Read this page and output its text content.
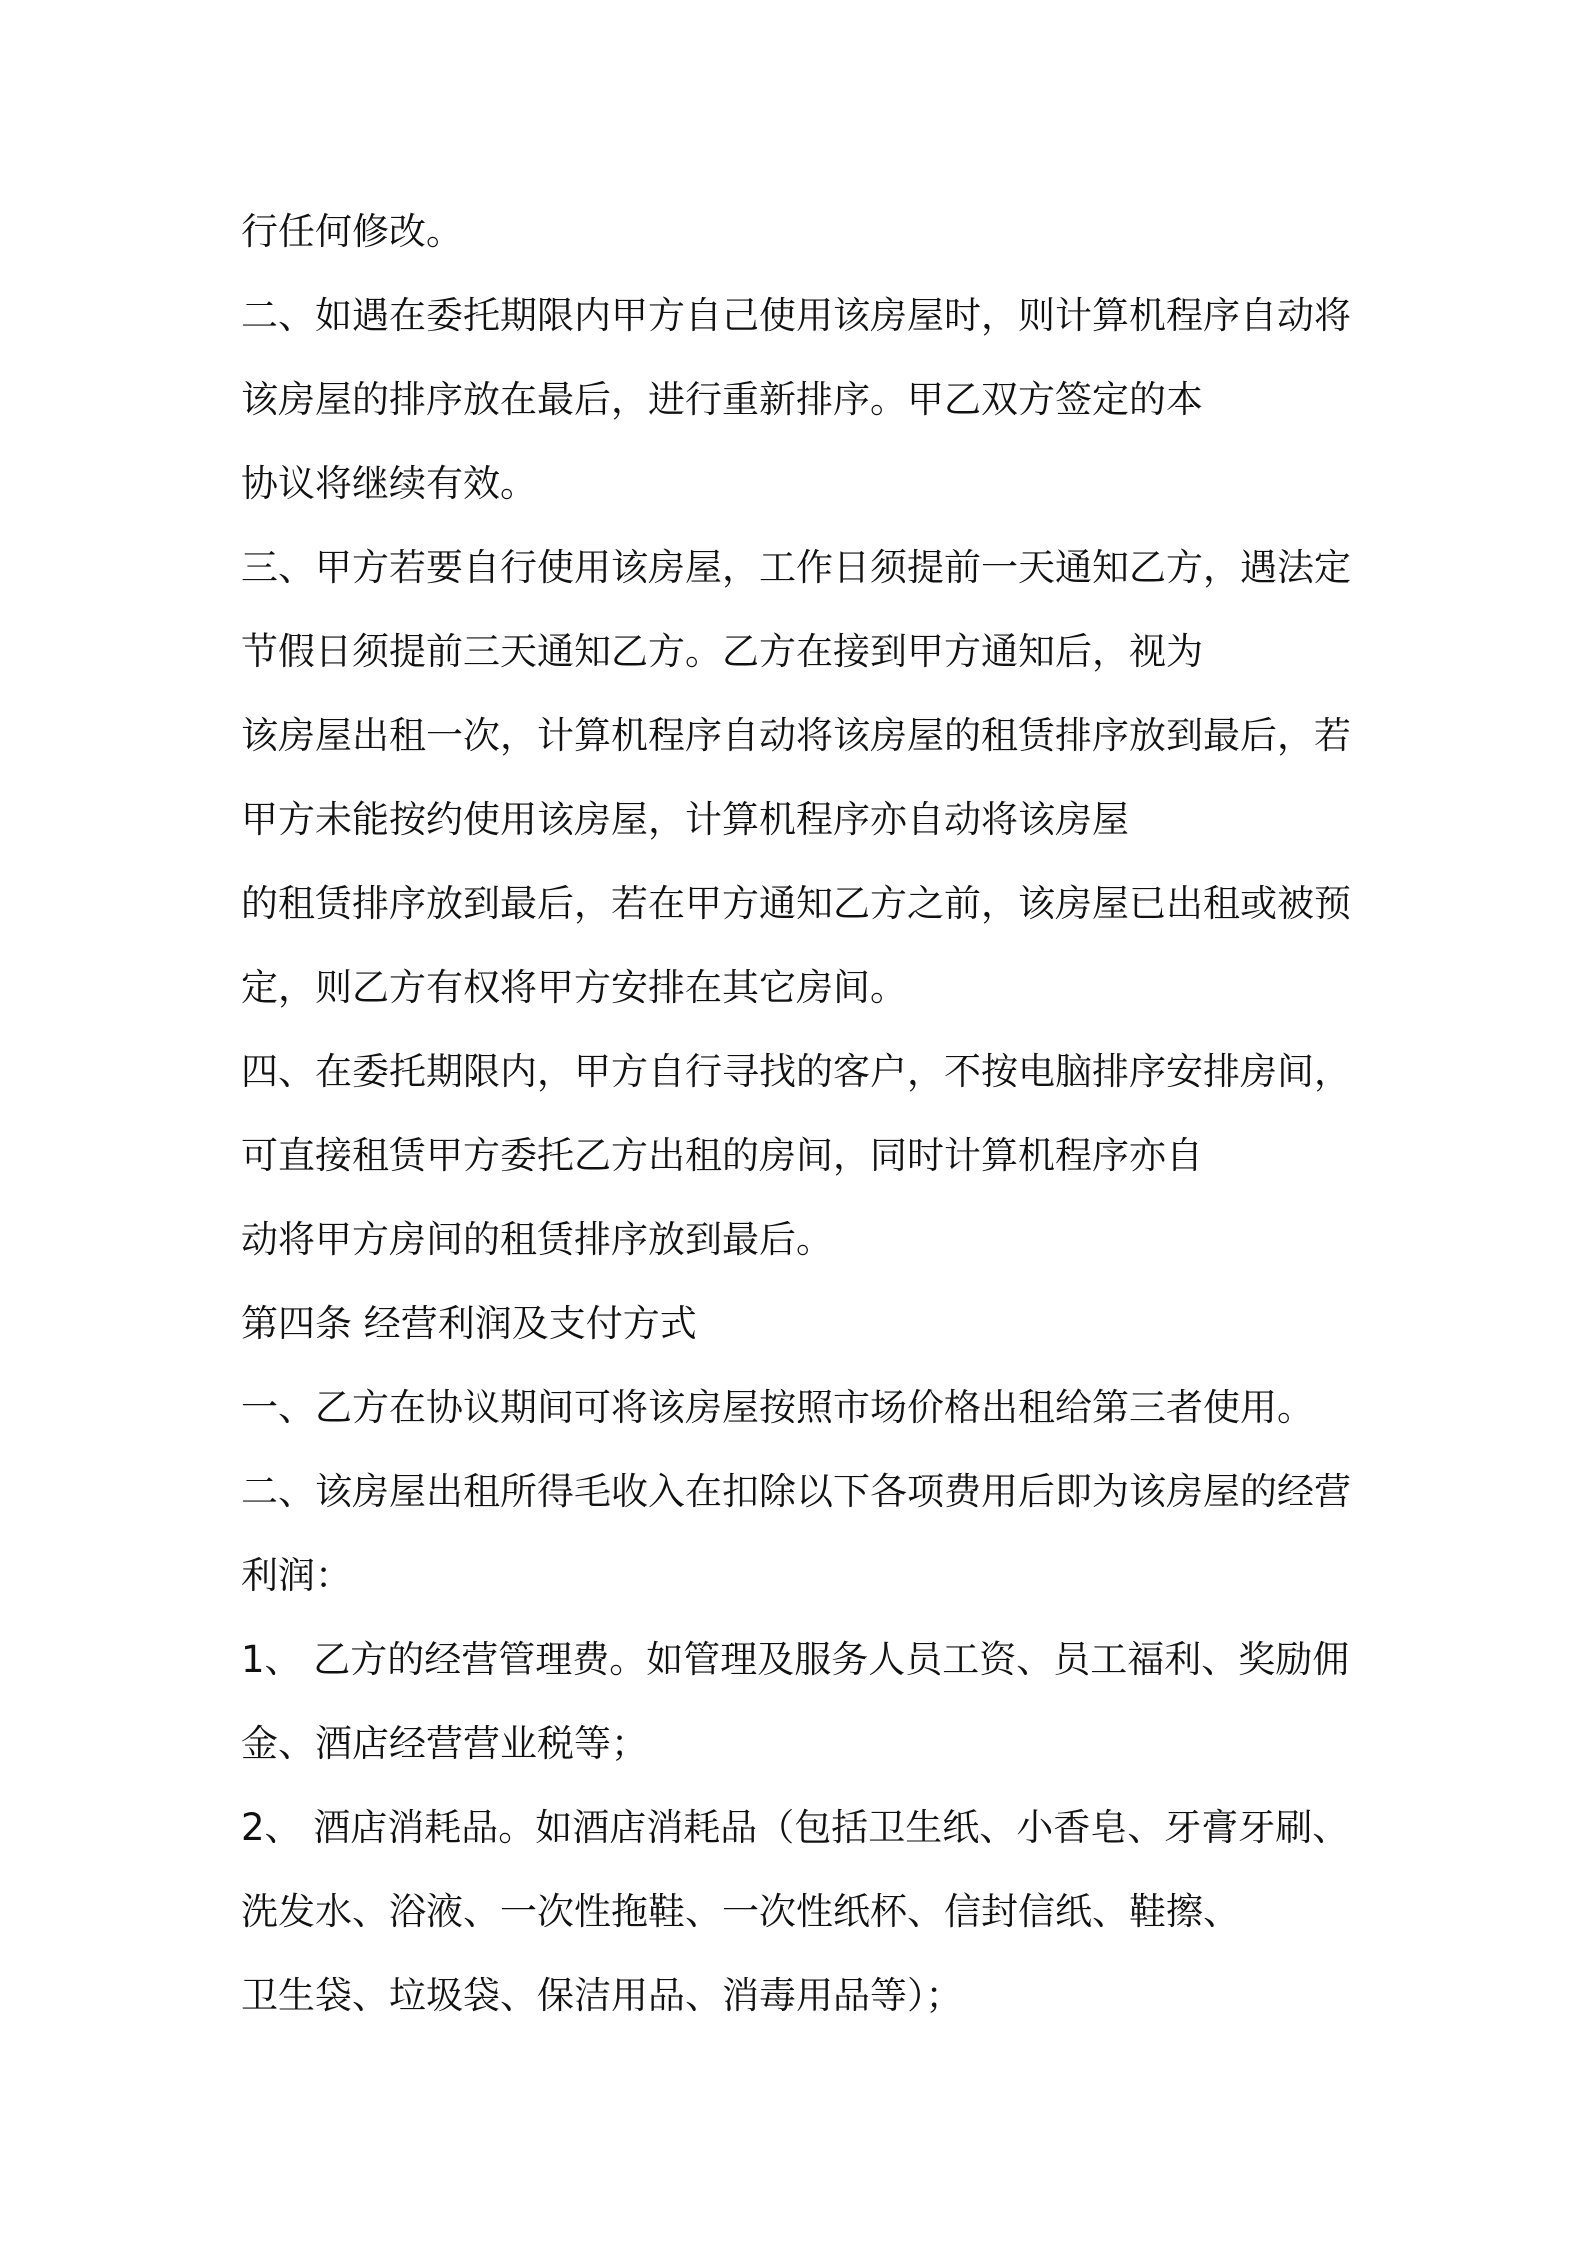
行任何修改。
二、如遇在委托期限内甲方自己使用该房屋时，则计算机程序自动将
该房屋的排序放在最后，进行重新排序。甲乙双方签定的本
协议将继续有效。
三、甲方若要自行使用该房屋，工作日须提前一天通知乙方，遇法定
节假日须提前三天通知乙方。乙方在接到甲方通知后，视为
该房屋出租一次，计算机程序自动将该房屋的租赁排序放到最后，若
甲方未能按约使用该房屋，计算机程序亦自动将该房屋
的租赁排序放到最后，若在甲方通知乙方之前，该房屋已出租或被预
定，则乙方有权将甲方安排在其它房间。
四、在委托期限内，甲方自行寻找的客户，不按电脑排序安排房间，
可直接租赁甲方委托乙方出租的房间，同时计算机程序亦自
动将甲方房间的租赁排序放到最后。
第四条 经营利润及支付方式
一、乙方在协议期间可将该房屋按照市场价格出租给第三者使用。
二、该房屋出租所得毛收入在扣除以下各项费用后即为该房屋的经营
利润：
1、 乙方的经营管理费。如管理及服务人员工资、员工福利、奖励佣
金、酒店经营营业税等；
2、 酒店消耗品。如酒店消耗品（包括卫生纸、小香皂、牙膏牙刷、
洗发水、浴液、一次性拖鞋、一次性纸杯、信封信纸、鞋擦、
卫生袋、垃圾袋、保洁用品、消毒用品等）；
